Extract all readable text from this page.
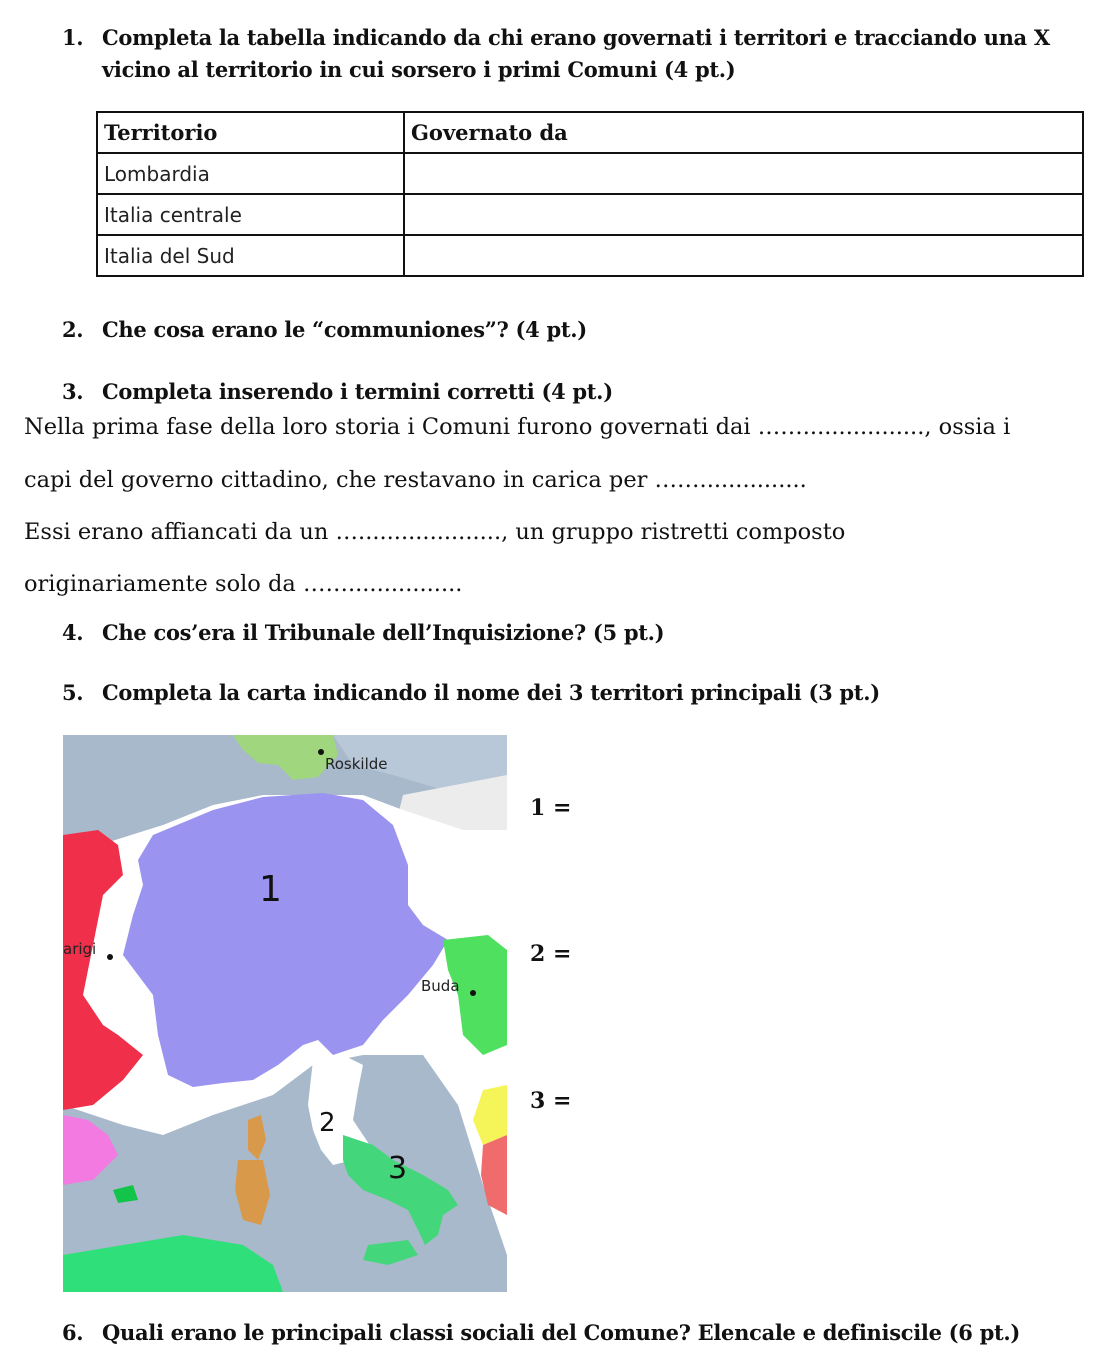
1. Completa la tabella indicando da chi erano governati i territori e tracciando una X
vicino al territorio in cui sorsero i primi Comuni (4 pt.)
Territorio	Governato da
Lombardia	
Italia centrale	
Italia del Sud	
2. Che cosa erano le “communiones”? (4 pt.)
3. Completa inserendo i termini corretti (4 pt.)
Nella prima fase della loro storia i Comuni furono governati dai ……................., ossia i
capi del governo cittadino, che restavano in carica per ……...............
Essi erano affiancati da un …...................., un gruppo ristretti composto
originariamente solo da ……................
4. Che cos’era il Tribunale dell’Inquisizione? (5 pt.)
5. Completa la carta indicando il nome dei 3 territori principali (3 pt.)
Roskilde
arigi
Buda
1
2
3
1 =
2 =
3 =
6. Quali erano le principali classi sociali del Comune? Elencale e definiscile (6 pt.)
